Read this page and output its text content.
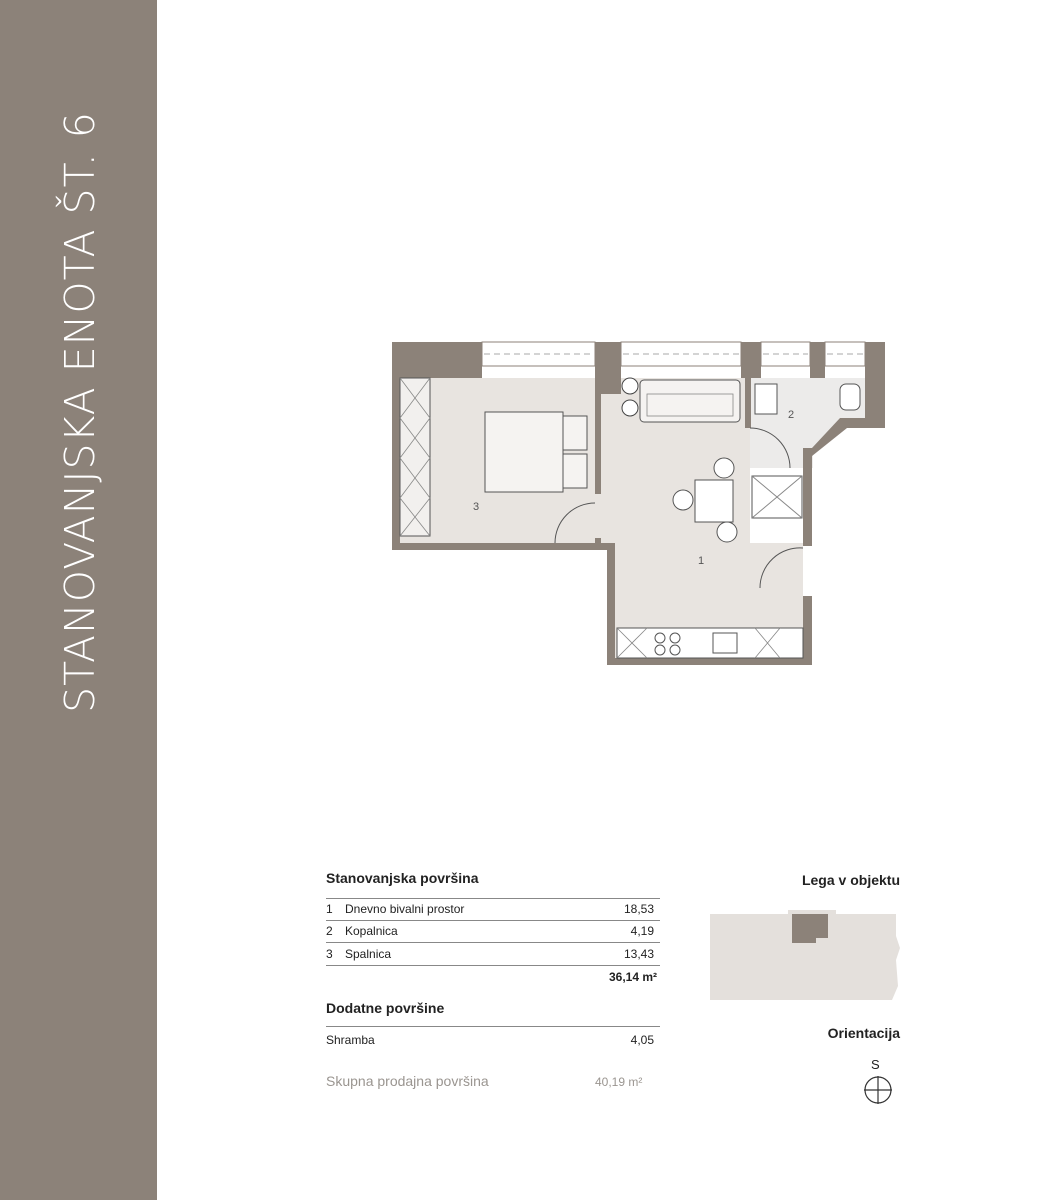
STANOVANJSKA ENOTA ŠT. 6	3
1
2
Stanovanjska površina
1 Dnevno bivalni prostor	18,53
2 Kopalnica	4,19
3 Spalnica	13,43
36,14 m²
Dodatne površine
Shramba	4,05
Skupna prodajna površina	40,19 m²
Lega v objektu
Orientacija
S
